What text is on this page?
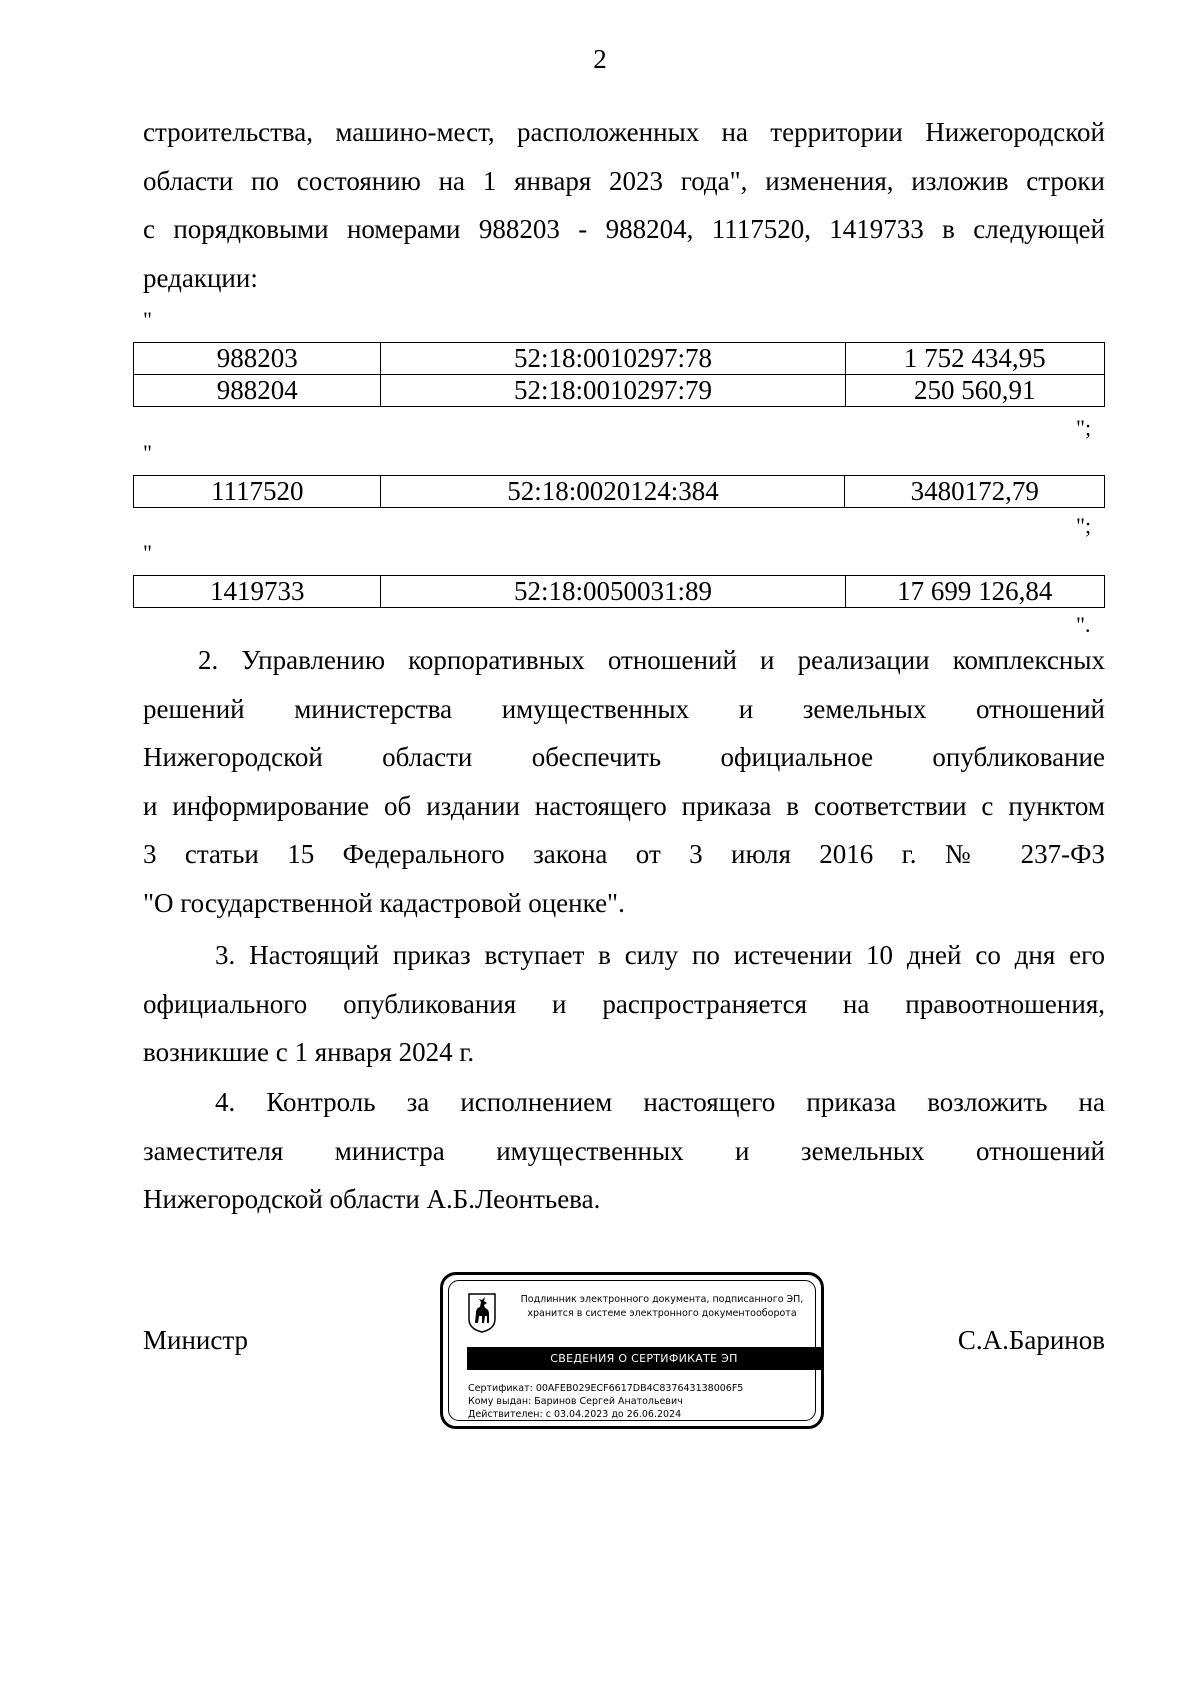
2
строительства, машино-мест, расположенных на территории Нижегородской
области по состоянию на 1 января 2023 года", изменения, изложив строки
с порядковыми номерами 988203 - 988204, 1117520, 1419733 в следующей
редакции:
"
988203	52:18:0010297:78	1 752 434,95
988204	52:18:0010297:79	250 560,91
";
"
1117520	52:18:0020124:384	3480172,79
";
"
1419733	52:18:0050031:89	17 699 126,84
".
2. Управлению корпоративных отношений и реализации комплексных
решений министерства имущественных и земельных отношений
Нижегородской области обеспечить официальное опубликование
и информирование об издании настоящего приказа в соответствии с пунктом
3 статьи 15 Федерального закона от 3 июля 2016 г. № 237-ФЗ
"О государственной кадастровой оценке".
3. Настоящий приказ вступает в силу по истечении 10 дней со дня его
официального опубликования и распространяется на правоотношения,
возникшие с 1 января 2024 г.
4. Контроль за исполнением настоящего приказа возложить на
заместителя министра имущественных и земельных отношений
Нижегородской области А.Б.Леонтьева.
Министр	С.А.Баринов
Подлинник электронного документа, подписанного ЭП,
хранится в системе электронного документооборота
СВЕДЕНИЯ О СЕРТИФИКАТЕ ЭП
Сертификат: 00AFEB029ECF6617DB4C837643138006F5
Кому выдан: Баринов Сергей Анатольевич
Действителен: с 03.04.2023 до 26.06.2024
